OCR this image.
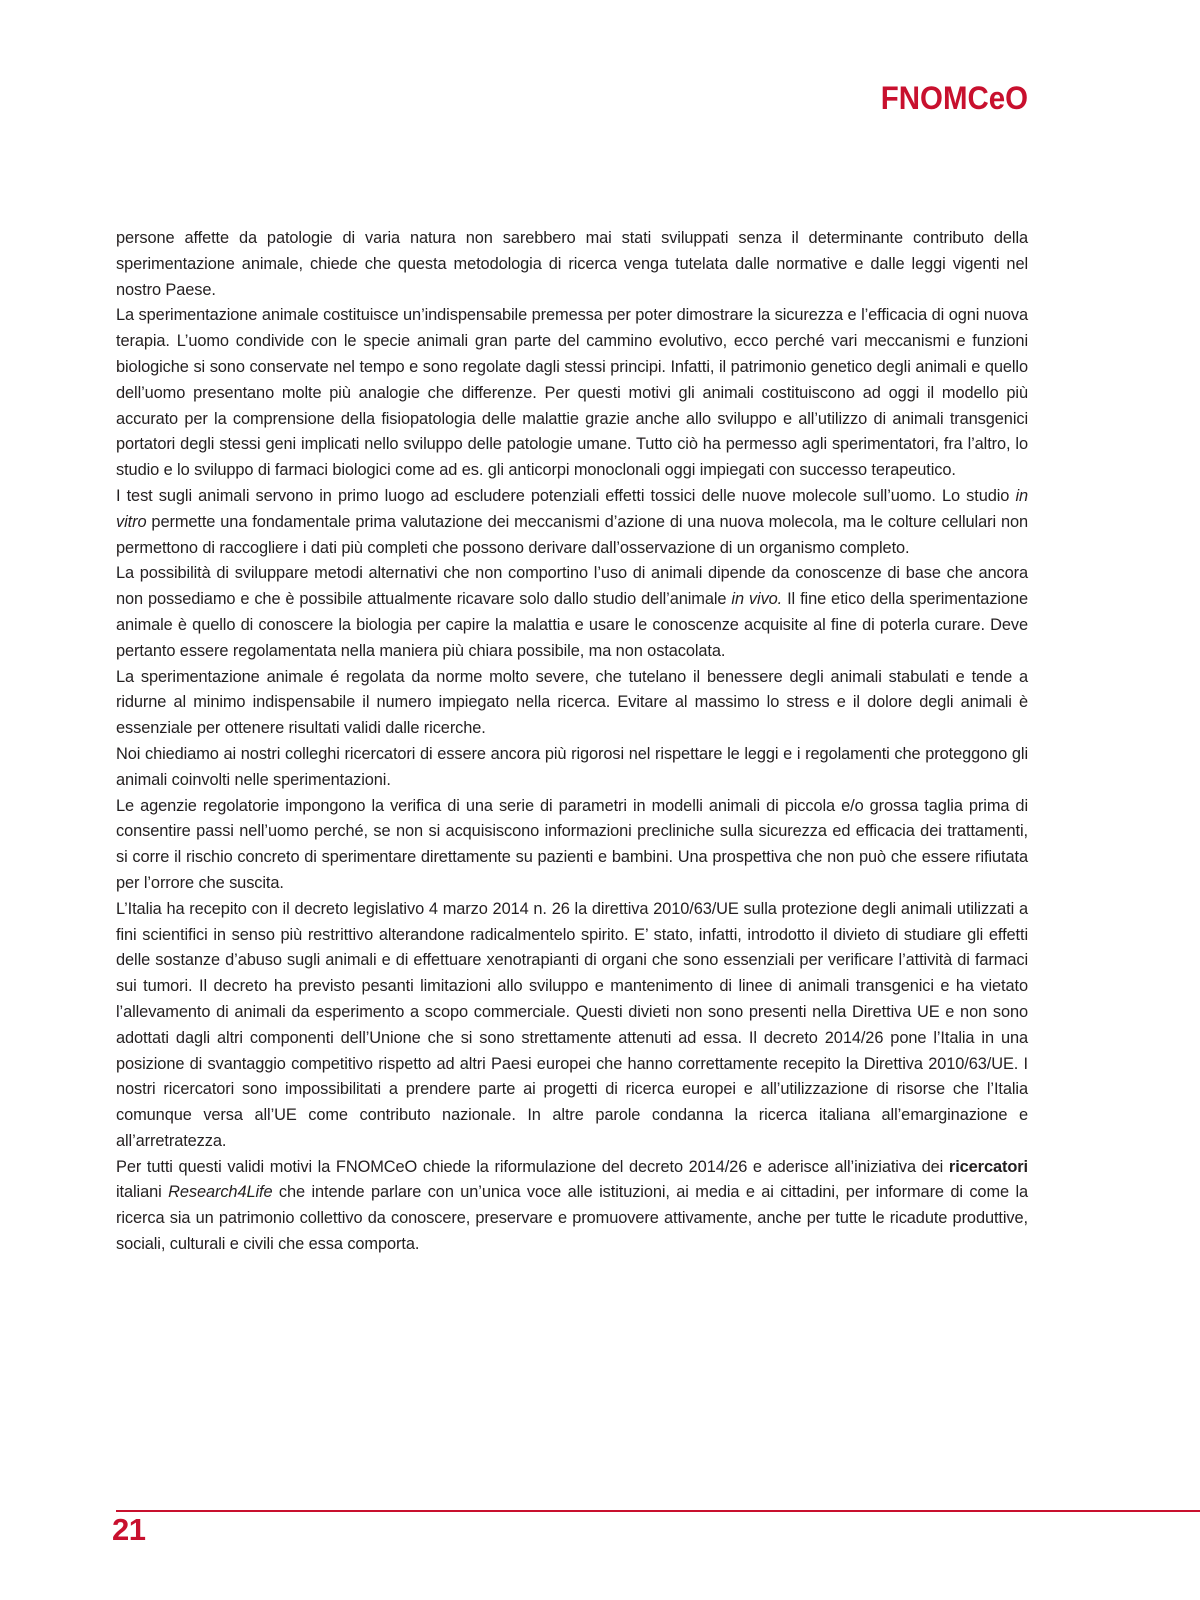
FNOMCeO

persone affette da patologie di varia natura non sarebbero mai stati sviluppati senza il determinante contributo della sperimentazione animale, chiede che questa metodologia di ricerca venga tutelata dalle normative e dalle leggi vigenti nel nostro Paese.

La sperimentazione animale costituisce un’indispensabile premessa per poter dimostrare la sicurezza e l’efficacia di ogni nuova terapia. L’uomo condivide con le specie animali gran parte del cammino evolutivo, ecco perché vari meccanismi e funzioni biologiche si sono conservate nel tempo e sono regolate dagli stessi principi. Infatti, il patrimonio genetico degli animali e quello dell’uomo presentano molte più analogie che differenze. Per questi motivi gli animali costituiscono ad oggi il modello più accurato per la comprensione della fisiopatologia delle malattie grazie anche allo sviluppo e all’utilizzo di animali transgenici portatori degli stessi geni implicati nello sviluppo delle patologie umane. Tutto ciò ha permesso agli sperimentatori, fra l’altro, lo studio e lo sviluppo di farmaci biologici come ad es. gli anticorpi monoclonali oggi impiegati con successo terapeutico.

I test sugli animali servono in primo luogo ad escludere potenziali effetti tossici delle nuove molecole sull’uomo. Lo studio in vitro permette una fondamentale prima valutazione dei meccanismi d’azione di una nuova molecola, ma le colture cellulari non permettono di raccogliere i dati più completi che possono derivare dall’osservazione di un organismo completo.

La possibilità di sviluppare metodi alternativi che non comportino l’uso di animali dipende da conoscenze di base che ancora non possediamo e che è possibile attualmente ricavare solo dallo studio dell’animale in vivo. Il fine etico della sperimentazione animale è quello di conoscere la biologia per capire la malattia e usare le conoscenze acquisite al fine di poterla curare. Deve pertanto essere regolamentata nella maniera più chiara possibile, ma non ostacolata.

La sperimentazione animale é regolata da norme molto severe, che tutelano il benessere degli animali stabulati e tende a ridurne al minimo indispensabile il numero impiegato nella ricerca. Evitare al massimo lo stress e il dolore degli animali è essenziale per ottenere risultati validi dalle ricerche.

Noi chiediamo ai nostri colleghi ricercatori di essere ancora più rigorosi nel rispettare le leggi e i regolamenti che proteggono gli animali coinvolti nelle sperimentazioni.

Le agenzie regolatorie impongono la verifica di una serie di parametri in modelli animali di piccola e/o grossa taglia prima di consentire passi nell’uomo perché, se non si acquisiscono informazioni precliniche sulla sicurezza ed efficacia dei trattamenti, si corre il rischio concreto di sperimentare direttamente su pazienti e bambini. Una prospettiva che non può che essere rifiutata per l’orrore che suscita.

L’Italia ha recepito con il decreto legislativo 4 marzo 2014 n. 26 la direttiva 2010/63/UE sulla protezione degli animali utilizzati a fini scientifici in senso più restrittivo alterandone radicalmentelo spirito. E’ stato, infatti, introdotto il divieto di studiare gli effetti delle sostanze d’abuso sugli animali e di effettuare xenotrapianti di organi che sono essenziali per verificare l’attività di farmaci sui tumori. Il decreto ha previsto pesanti limitazioni allo sviluppo e mantenimento di linee di animali transgenici e ha vietato l’allevamento di animali da esperimento a scopo commerciale. Questi divieti non sono presenti nella Direttiva UE e non sono adottati dagli altri componenti dell’Unione che si sono strettamente attenuti ad essa. Il decreto 2014/26 pone l’Italia in una posizione di svantaggio competitivo rispetto ad altri Paesi europei che hanno correttamente recepito la Direttiva 2010/63/UE. I nostri ricercatori sono impossibilitati a prendere parte ai progetti di ricerca europei e all’utilizzazione di risorse che l’Italia comunque versa all’UE come contributo nazionale. In altre parole condanna la ricerca italiana all’emarginazione e all’arretratezza.

Per tutti questi validi motivi la FNOMCeO chiede la riformulazione del decreto 2014/26 e aderisce all’iniziativa dei ricercatori italiani Research4Life che intende parlare con un’unica voce alle istituzioni, ai media e ai cittadini, per informare di come la ricerca sia un patrimonio collettivo da conoscere, preservare e promuovere attivamente, anche per tutte le ricadute produttive, sociali, culturali e civili che essa comporta.

21
